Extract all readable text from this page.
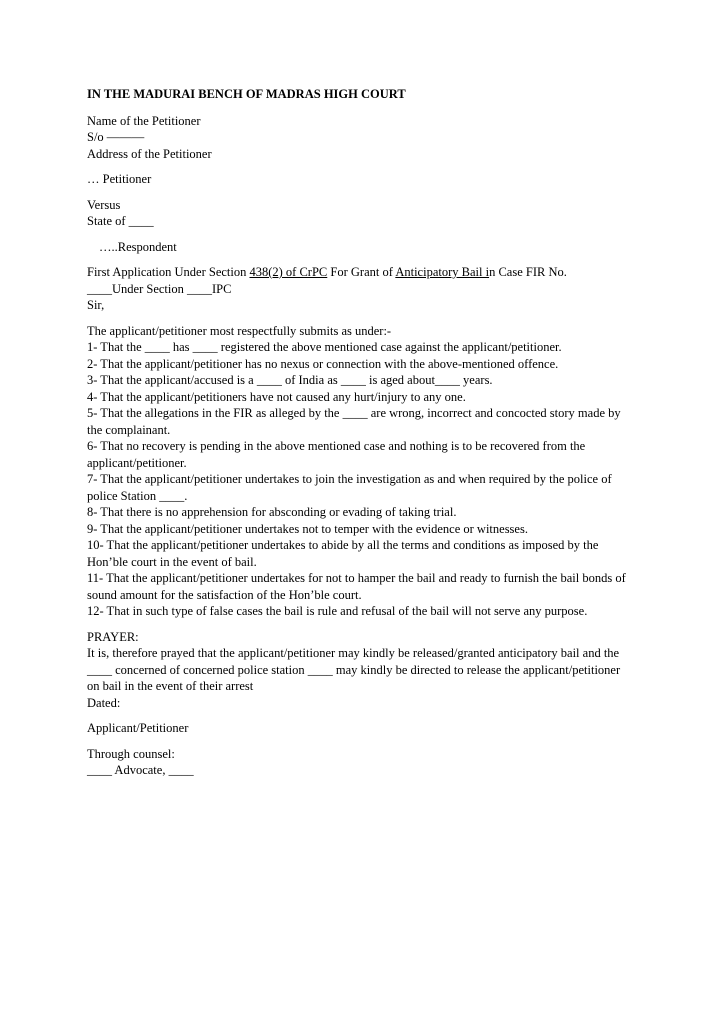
IN THE MADURAI BENCH OF MADRAS HIGH COURT
Name of the Petitioner
S/o ———
Address of the Petitioner
… Petitioner
Versus
State of ____
…..Respondent
First Application Under Section 438(2) of CrPC For Grant of Anticipatory Bail in Case FIR No.
____Under Section ____IPC
Sir,
The applicant/petitioner most respectfully submits as under:-
1- That the ____ has ____ registered the above mentioned case against the applicant/petitioner.
2- That the applicant/petitioner has no nexus or connection with the above-mentioned offence.
3- That the applicant/accused is a ____ of India as ____ is aged about____ years.
4- That the applicant/petitioners have not caused any hurt/injury to any one.
5- That the allegations in the FIR as alleged by the ____ are wrong, incorrect and concocted story made by the complainant.
6- That no recovery is pending in the above mentioned case and nothing is to be recovered from the applicant/petitioner.
7- That the applicant/petitioner undertakes to join the investigation as and when required by the police of police Station ____.
8- That there is no apprehension for absconding or evading of taking trial.
9- That the applicant/petitioner undertakes not to temper with the evidence or witnesses.
10- That the applicant/petitioner undertakes to abide by all the terms and conditions as imposed by the Hon’ble court in the event of bail.
11- That the applicant/petitioner undertakes for not to hamper the bail and ready to furnish the bail bonds of sound amount for the satisfaction of the Hon’ble court.
12- That in such type of false cases the bail is rule and refusal of the bail will not serve any purpose.
PRAYER:
It is, therefore prayed that the applicant/petitioner may kindly be released/granted anticipatory bail and the ____ concerned of concerned police station ____ may kindly be directed to release the applicant/petitioner on bail in the event of their arrest
Dated:
Applicant/Petitioner
Through counsel:
____ Advocate, ____
